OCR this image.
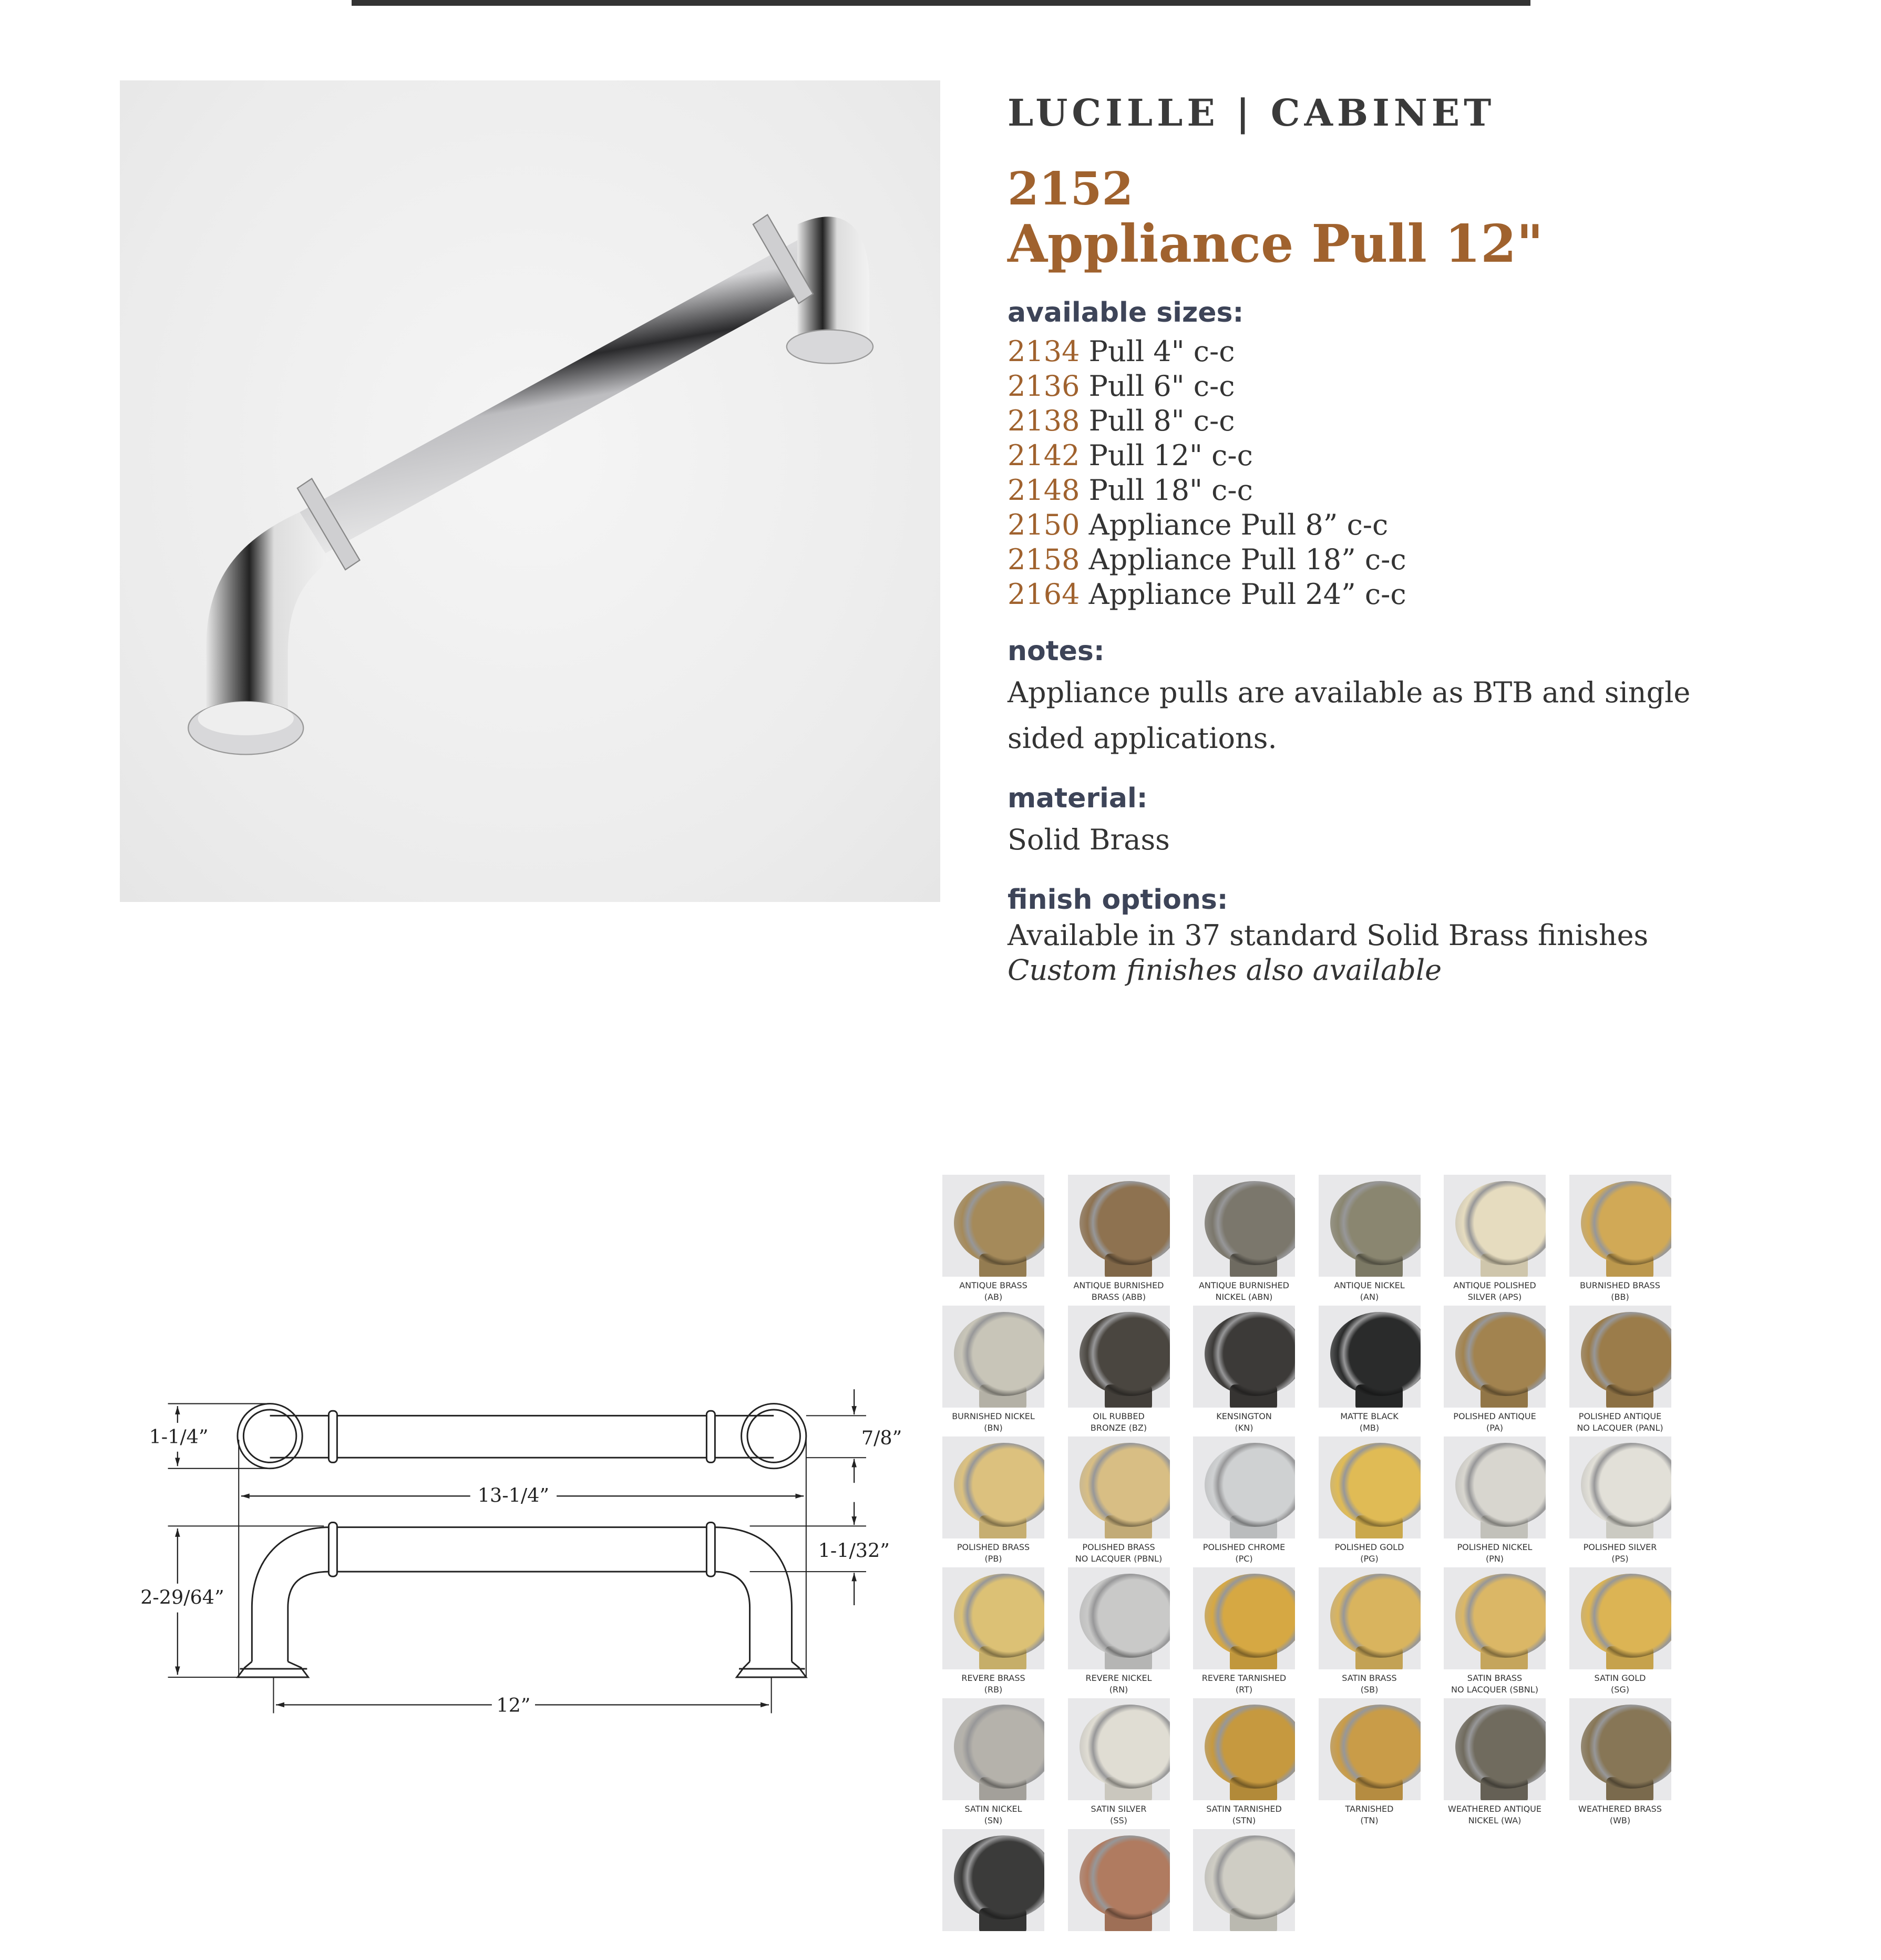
LUCILLE | CABINET
2152
Appliance Pull 12"
available sizes:
2134 Pull 4" c-c
2136 Pull 6" c-c
2138 Pull 8" c-c
2142 Pull 12" c-c
2148 Pull 18" c-c
2150 Appliance Pull 8” c-c
2158 Appliance Pull 18” c-c
2164 Appliance Pull 24” c-c
notes:
Appliance pulls are available as BTB and single sided applications.
material:
Solid Brass
finish options:
Available in 37 standard Solid Brass finishes
Custom finishes also available
1-1/4”	7/8”
13-1/4”
2-29/64”
1-1/32”
12”
ANTIQUE BRASS
(AB)
ANTIQUE BURNISHED
BRASS (ABB)
ANTIQUE BURNISHED
NICKEL (ABN)
ANTIQUE NICKEL
(AN)
ANTIQUE POLISHED
SILVER (APS)
BURNISHED BRASS
(BB)
BURNISHED NICKEL
(BN)
OIL RUBBED
BRONZE (BZ)
KENSINGTON
(KN)
MATTE BLACK
(MB)
POLISHED ANTIQUE
(PA)
POLISHED ANTIQUE
NO LACQUER (PANL)
POLISHED BRASS
(PB)
POLISHED BRASS
NO LACQUER (PBNL)
POLISHED CHROME
(PC)
POLISHED GOLD
(PG)
POLISHED NICKEL
(PN)
POLISHED SILVER
(PS)
REVERE BRASS
(RB)
REVERE NICKEL
(RN)
REVERE TARNISHED
(RT)
SATIN BRASS
(SB)
SATIN BRASS
NO LACQUER (SBNL)
SATIN GOLD
(SG)
SATIN NICKEL
(SN)
SATIN SILVER
(SS)
SATIN TARNISHED
(STN)
TARNISHED
(TN)
WEATHERED ANTIQUE
NICKEL (WA)
WEATHERED BRASS
(WB)
